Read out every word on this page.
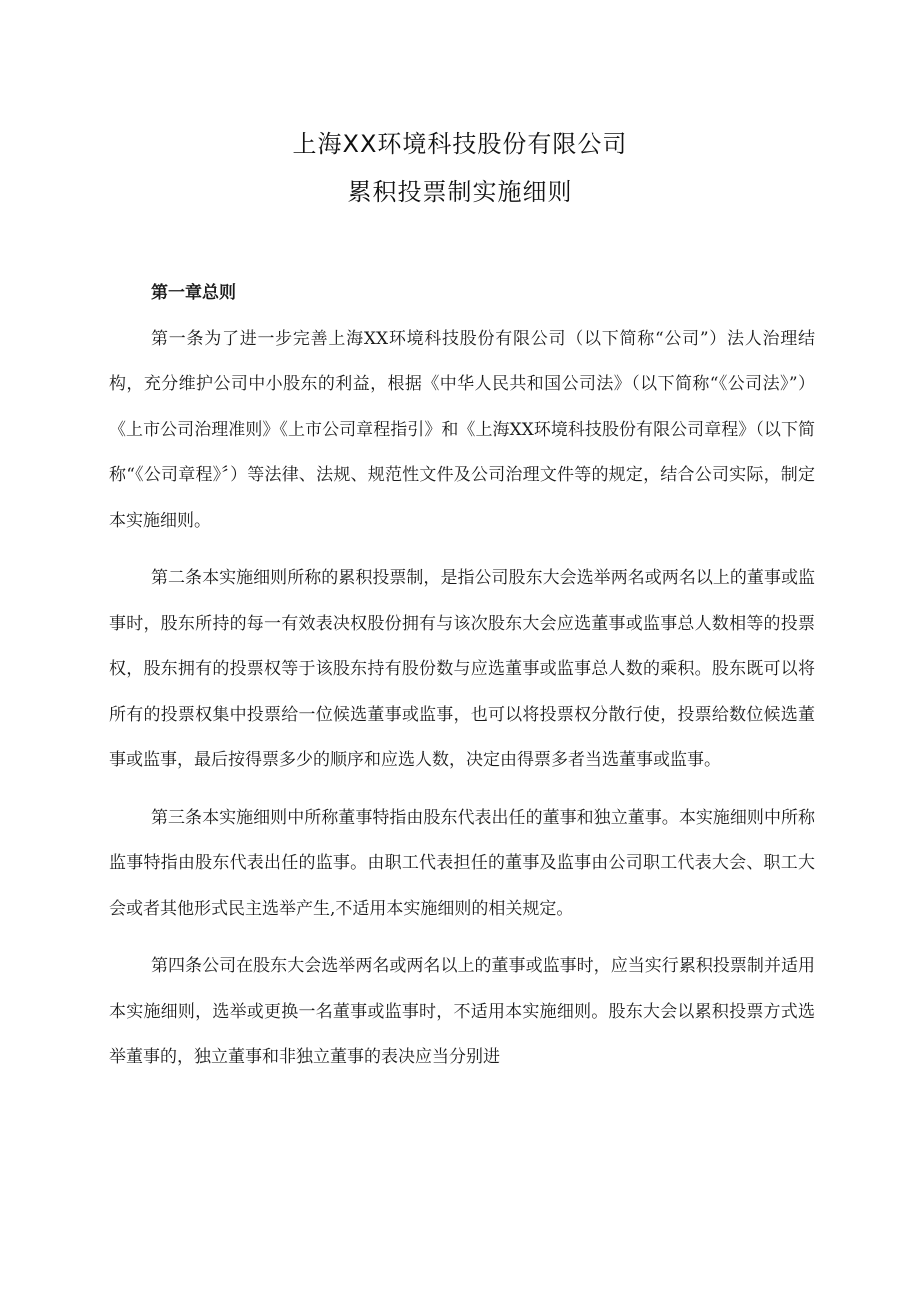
上海XX环境科技股份有限公司
累积投票制实施细则

第一章总则

第一条为了进一步完善上海XX环境科技股份有限公司（以下简称“公司”）法人治理结构，充分维护公司中小股东的利益，根据《中华人民共和国公司法》（以下简称“《公司法》”）《上市公司治理准则》《上市公司章程指引》和《上海XX环境科技股份有限公司章程》（以下简称“《公司章程》〞）等法律、法规、规范性文件及公司治理文件等的规定，结合公司实际，制定本实施细则。

第二条本实施细则所称的累积投票制，是指公司股东大会选举两名或两名以上的董事或监事时，股东所持的每一有效表决权股份拥有与该次股东大会应选董事或监事总人数相等的投票权，股东拥有的投票权等于该股东持有股份数与应选董事或监事总人数的乘积。股东既可以将所有的投票权集中投票给一位候选董事或监事，也可以将投票权分散行使，投票给数位候选董事或监事，最后按得票多少的顺序和应选人数，决定由得票多者当选董事或监事。

第三条本实施细则中所称董事特指由股东代表出任的董事和独立董事。本实施细则中所称监事特指由股东代表出任的监事。由职工代表担任的董事及监事由公司职工代表大会、职工大会或者其他形式民主选举产生,不适用本实施细则的相关规定。

第四条公司在股东大会选举两名或两名以上的董事或监事时，应当实行累积投票制并适用本实施细则，选举或更换一名董事或监事时，不适用本实施细则。股东大会以累积投票方式选举董事的，独立董事和非独立董事的表决应当分别进
